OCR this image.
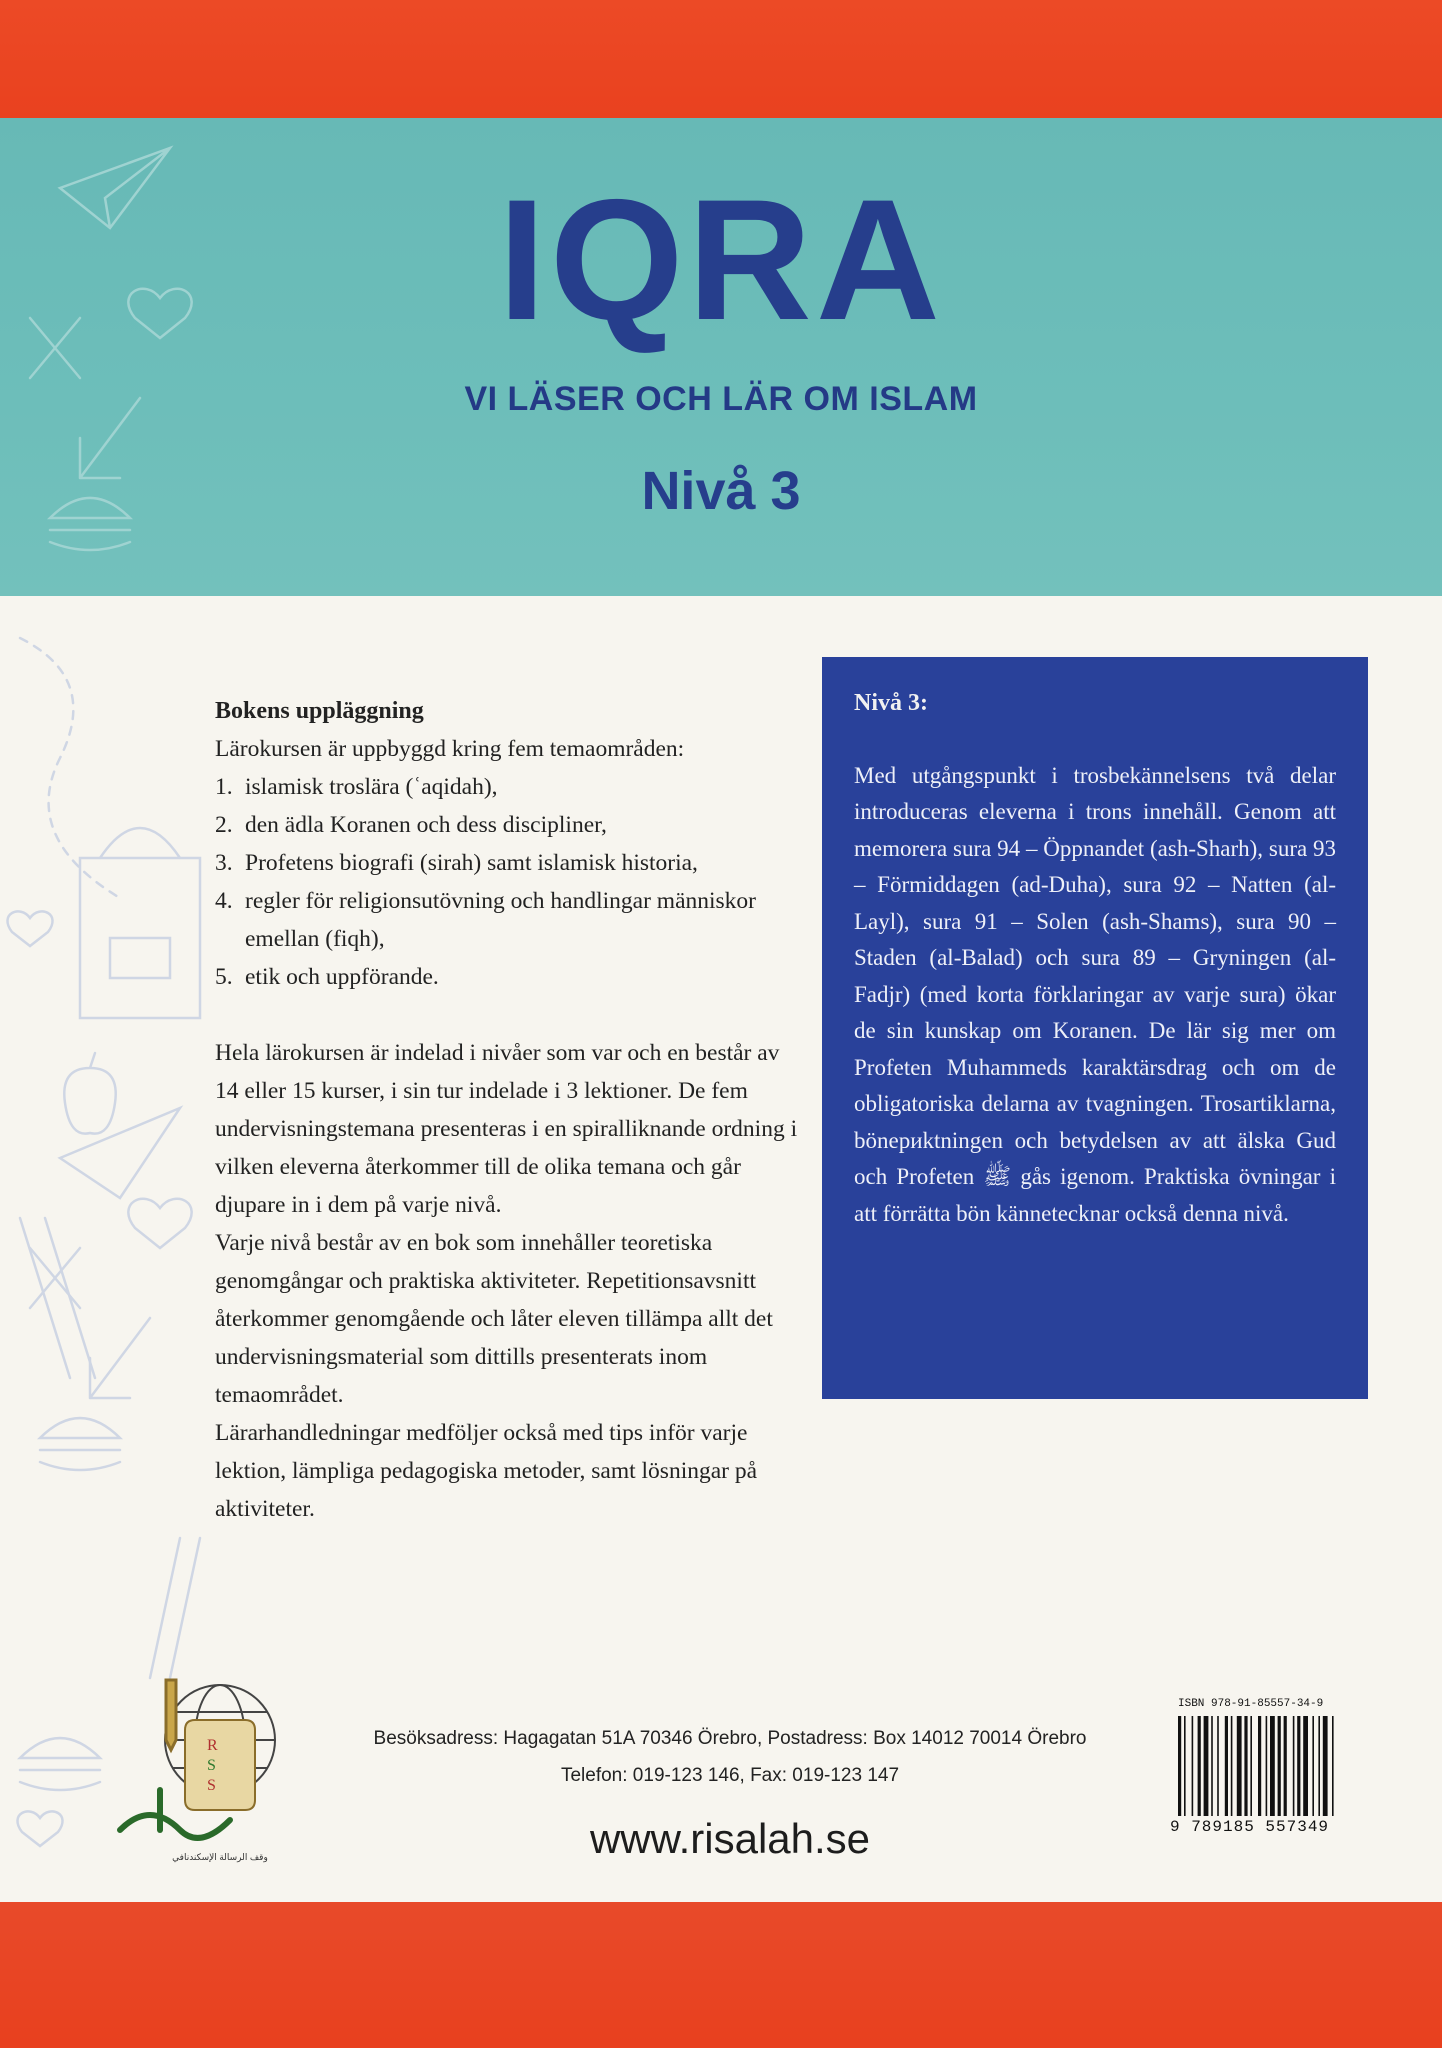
IQRA
VI LÄSER OCH LÄR OM ISLAM
Nivå 3
Bokens uppläggning

Lärokursen är uppbyggd kring fem temaområden:

1. islamisk troslära (ʿaqidah),
2. den ädla Koranen och dess discipliner,
3. Profetens biografi (sirah) samt islamisk historia,
4. regler för religionsutövning och handlingar människor emellan (fiqh),
5. etik och uppförande.

Hela lärokursen är indelad i nivåer som var och en består av 14 eller 15 kurser, i sin tur indelade i 3 lektioner. De fem undervisningstemana presenteras i en spiralliknande ordning i vilken eleverna återkommer till de olika temana och går djupare in i dem på varje nivå.

Varje nivå består av en bok som innehåller teoretiska genomgångar och praktiska aktiviteter. Repetitionsavsnitt återkommer genomgående och låter eleven tillämpa allt det undervisningsmaterial som dittills presenterats inom temaområdet.

Lärarhandledningar medföljer också med tips inför varje lektion, lämpliga pedagogiska metoder, samt lösningar på aktiviteter.

Nivå 3:

Med utgångspunkt i trosbekännelsens två delar introduceras eleverna i trons innehåll. Genom att memorera sura 94 – Öppnandet (ash-Sharh), sura 93 – Förmiddagen (ad-Duha), sura 92 – Natten (al-Layl), sura 91 – Solen (ash-Shams), sura 90 – Staden (al-Balad) och sura 89 – Gryningen (al-Fadjr) (med korta förklaringar av varje sura) ökar de sin kunskap om Koranen. De lär sig mer om Profeten Muhammeds karaktärsdrag och om de obligatoriska delarna av tvagningen. Trosartiklarna, bönериktningen och betydelsen av att älska Gud och Profeten ﷺ gås igenom. Praktiska övningar i att förrätta bön kännetecknar också denna nivå.

R
S
S
وقف الرسالة الإسكندنافي
Besöksadress: Hagagatan 51A 70346 Örebro, Postadress: Box 14012 70014 Örebro
Telefon: 019-123 146, Fax: 019-123 147
www.risalah.se
ISBN 978-91-85557-34-9
9 789185 557349
